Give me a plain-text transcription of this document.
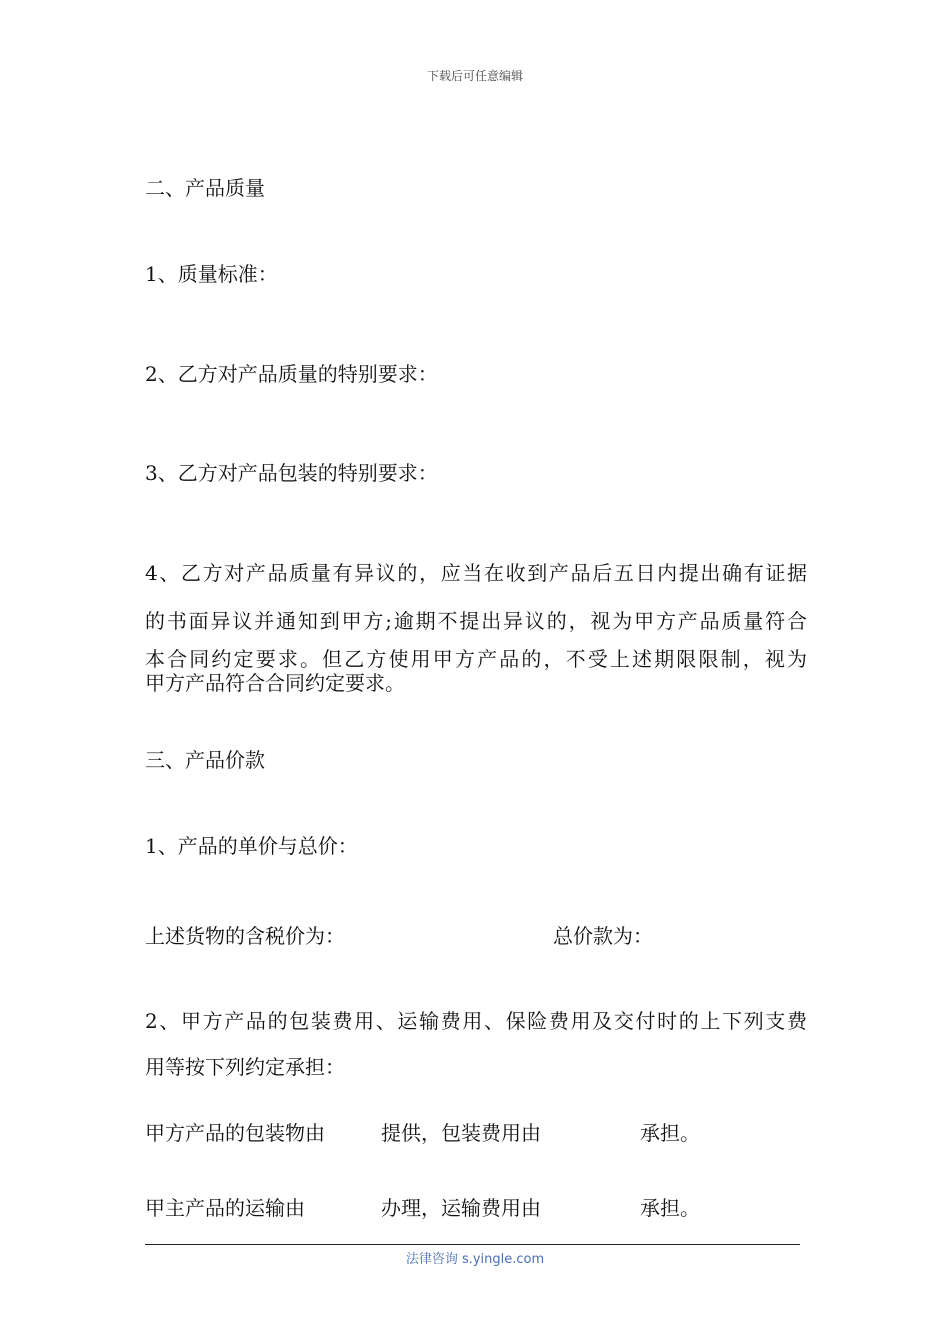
下载后可任意编辑
二、产品质量
1、质量标准：
2、乙方对产品质量的特别要求：
3、乙方对产品包装的特别要求：
4、乙方对产品质量有异议的，应当在收到产品后五日内提出确有证据
的书面异议并通知到甲方;逾期不提出异议的，视为甲方产品质量符合
本合同约定要求。但乙方使用甲方产品的，不受上述期限限制，视为
甲方产品符合合同约定要求。
三、产品价款
1、产品的单价与总价：
上述货物的含税价为：	总价款为：
2、甲方产品的包装费用、运输费用、保险费用及交付时的上下列支费
用等按下列约定承担：
甲方产品的包装物由	提供，包装费用由	承担。
甲主产品的运输由	办理，运输费用由	承担。
法律咨询 s.yingle.com
